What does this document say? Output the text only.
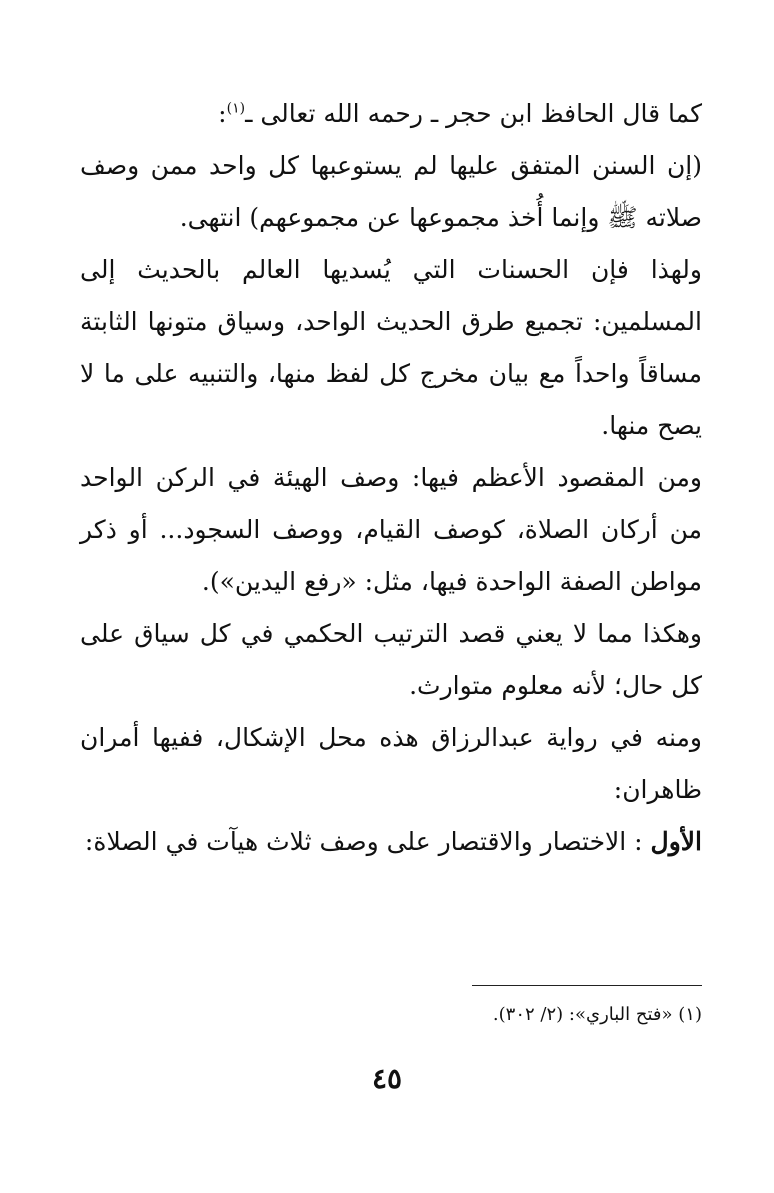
كما قال الحافظ ابن حجر ـ رحمه الله تعالى ـ$^{(١)}$:

(إن السنن المتفق عليها لم يستوعبها كل واحد ممن وصف صلاته ﷺ وإنما أُخذ مجموعها عن مجموعهم) انتهى.

ولهذا فإن الحسنات التي يُسديها العالم بالحديث إلى المسلمين: تجميع طرق الحديث الواحد، وسياق متونها الثابتة مساقاً واحداً مع بيان مخرج كل لفظ منها، والتنبيه على ما لا يصح منها.

ومن المقصود الأعظم فيها: وصف الهيئة في الركن الواحد من أركان الصلاة، كوصف القيام، ووصف السجود... أو ذكر مواطن الصفة الواحدة فيها، مثل: «رفع اليدين»).

وهكذا مما لا يعني قصد الترتيب الحكمي في كل سياق على كل حال؛ لأنه معلوم متوارث.

ومنه في رواية عبدالرزاق هذه محل الإشكال، ففيها أمران ظاهران:

الأول : الاختصار والاقتصار على وصف ثلاث هيآت في الصلاة:

(١) «فتح الباري»: (٢/ ٣٠٢).
٤٥
